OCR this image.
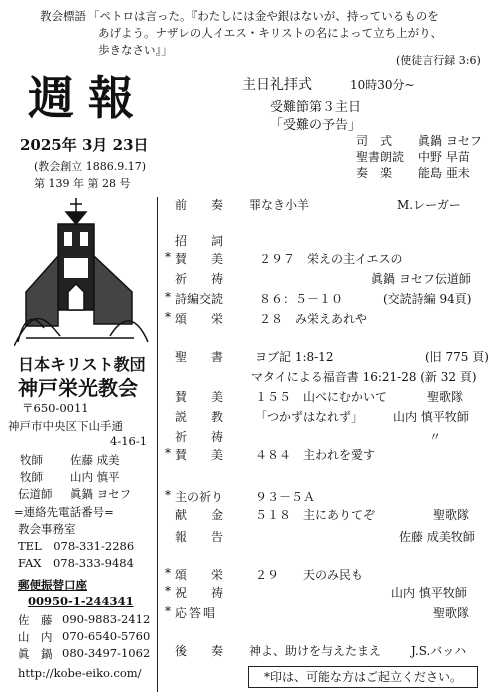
教会標語 「ペトロは言った。『わたしには金や銀はないが、持っているものを
あげよう。ナザレの人イエス・キリストの名によって立ち上がり、
歩きなさい』」
(使徒言行録 3:6)
週報	主日礼拝式	10時30分~
受難節第３主日
「受難の予告」
2025年 3月 23日
(教会創立 1886.9.17)
第 139 年 第 28 号
司　式 眞鍋 ヨセフ
聖書朗読 中野 早苗
奏　楽 能島 亜未
日本キリスト教団
神戸栄光教会
〒650-0011
神戸市中央区下山手通
4-16-1
牧師 佐藤 成美
牧師 山内 慎平
伝道師 眞鍋 ヨセフ
=連絡先電話番号=
教会事務室
TEL　078-331-2286
FAX　078-333-9484
郵便振替口座
00950-1-244341
佐　藤 090-9883-2412
山　内 070-6540-5760
眞　鍋 080-3497-1062
http://kobe-eiko.com/
前　奏 罪なき小羊	M.レーガー
招　詞
* 賛　美 ２９７　栄えの主イエスの
祈　祷	眞鍋 ヨセフ伝道師
* 詩編交読	８６：５－１０	(交読詩編 94頁)
* 頌　栄 ２８　み栄えあれや
聖　書 ヨブ記 1:8-12	(旧 775 頁)
マタイによる福音書 16:21-28 (新 32 頁)
賛　美 １５５　山べにむかいて	聖歌隊
説　教 「つかずはなれず」 山内 慎平牧師
祈　祷	〃
* 賛　美 ４８４　主われを愛す
* 主の祈り	９３－５Ａ
献　金 ５１８　主にありてぞ	聖歌隊
報　告	佐藤 成美牧師
* 頌　栄 ２９　　天のみ民も
* 祝　祷	山内 慎平牧師
* 応答唱	聖歌隊
後　奏 神よ、助けを与えたまえ J.S.バッハ
*印は、可能な方はご起立ください。
